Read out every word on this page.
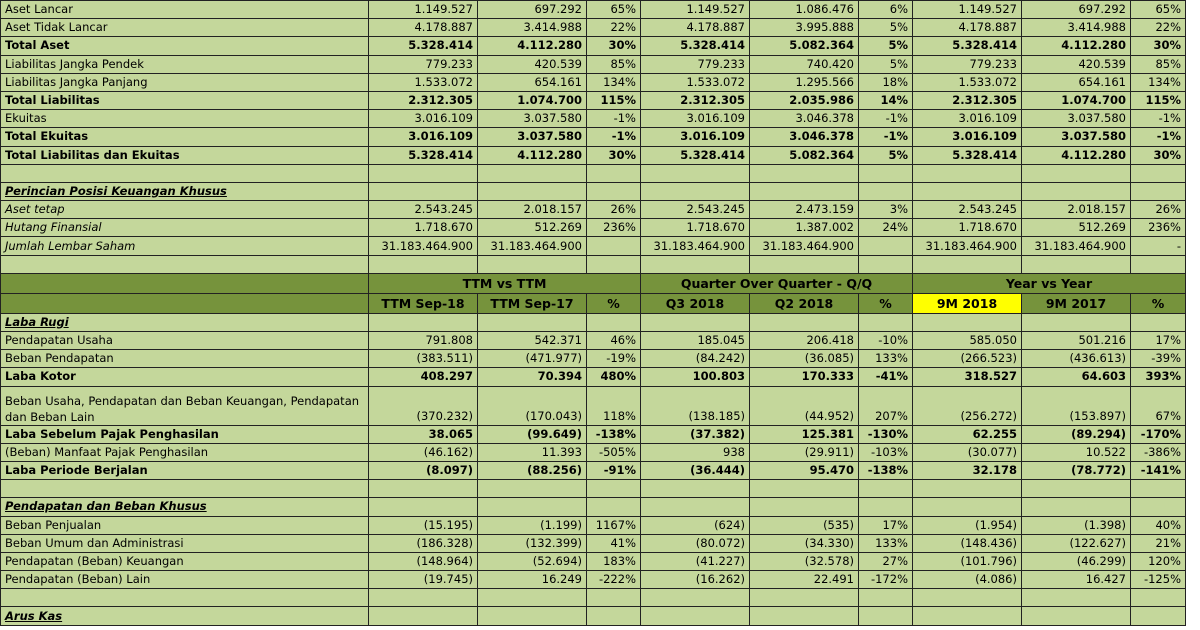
Aset Lancar	1.149.527	697.292	65%	1.149.527	1.086.476	6%	1.149.527	697.292	65%
Aset Tidak Lancar	4.178.887	3.414.988	22%	4.178.887	3.995.888	5%	4.178.887	3.414.988	22%
Total Aset	5.328.414	4.112.280	30%	5.328.414	5.082.364	5%	5.328.414	4.112.280	30%
Liabilitas Jangka Pendek	779.233	420.539	85%	779.233	740.420	5%	779.233	420.539	85%
Liabilitas Jangka Panjang	1.533.072	654.161	134%	1.533.072	1.295.566	18%	1.533.072	654.161	134%
Total Liabilitas	2.312.305	1.074.700	115%	2.312.305	2.035.986	14%	2.312.305	1.074.700	115%
Ekuitas	3.016.109	3.037.580	-1%	3.016.109	3.046.378	-1%	3.016.109	3.037.580	-1%
Total Ekuitas	3.016.109	3.037.580	-1%	3.016.109	3.046.378	-1%	3.016.109	3.037.580	-1%
Total Liabilitas dan Ekuitas	5.328.414	4.112.280	30%	5.328.414	5.082.364	5%	5.328.414	4.112.280	30%

Perincian Posisi Keuangan Khusus									
Aset tetap	2.543.245	2.018.157	26%	2.543.245	2.473.159	3%	2.543.245	2.018.157	26%
Hutang Finansial	1.718.670	512.269	236%	1.718.670	1.387.002	24%	1.718.670	512.269	236%
Jumlah Lembar Saham	31.183.464.900	31.183.464.900		31.183.464.900	31.183.464.900		31.183.464.900	31.183.464.900	-

	TTM vs TTM			Quarter Over Quarter - Q/Q			Year vs Year		
	TTM Sep-18	TTM Sep-17	%	Q3 2018	Q2 2018	%	9M 2018	9M 2017	%
Laba Rugi									
Pendapatan Usaha	791.808	542.371	46%	185.045	206.418	-10%	585.050	501.216	17%
Beban Pendapatan	(383.511)	(471.977)	-19%	(84.242)	(36.085)	133%	(266.523)	(436.613)	-39%
Laba Kotor	408.297	70.394	480%	100.803	170.333	-41%	318.527	64.603	393%
Beban Usaha, Pendapatan dan Beban Keuangan, Pendapatan dan Beban Lain	(370.232)	(170.043)	118%	(138.185)	(44.952)	207%	(256.272)	(153.897)	67%
Laba Sebelum Pajak Penghasilan	38.065	(99.649)	-138%	(37.382)	125.381	-130%	62.255	(89.294)	-170%
(Beban) Manfaat Pajak Penghasilan	(46.162)	11.393	-505%	938	(29.911)	-103%	(30.077)	10.522	-386%
Laba Periode Berjalan	(8.097)	(88.256)	-91%	(36.444)	95.470	-138%	32.178	(78.772)	-141%

Pendapatan dan Beban Khusus									
Beban Penjualan	(15.195)	(1.199)	1167%	(624)	(535)	17%	(1.954)	(1.398)	40%
Beban Umum dan Administrasi	(186.328)	(132.399)	41%	(80.072)	(34.330)	133%	(148.436)	(122.627)	21%
Pendapatan (Beban) Keuangan	(148.964)	(52.694)	183%	(41.227)	(32.578)	27%	(101.796)	(46.299)	120%
Pendapatan (Beban) Lain	(19.745)	16.249	-222%	(16.262)	22.491	-172%	(4.086)	16.427	-125%

Arus Kas									
